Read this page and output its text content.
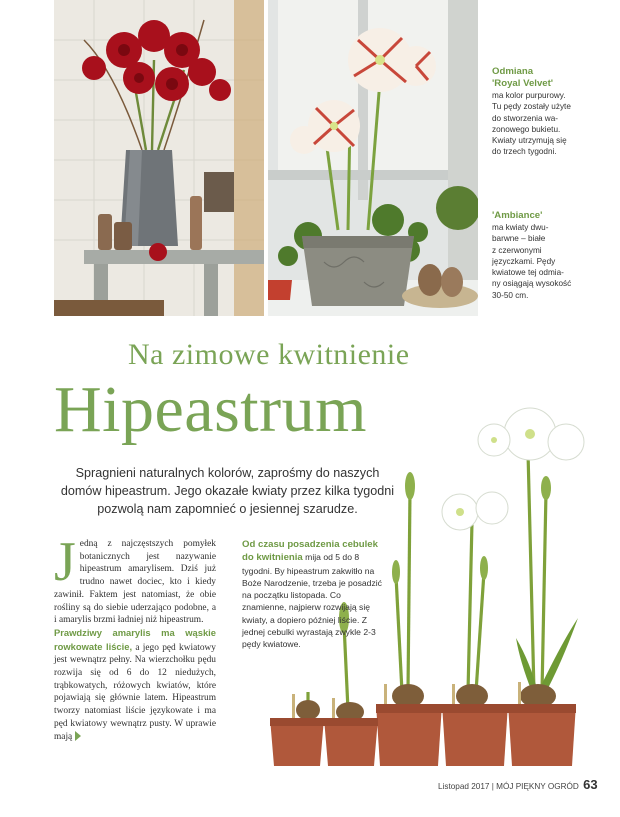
Odmiana
'Royal Velvet'
ma kolor purpurowy.
Tu pędy zostały użyte
do stworzenia wa-
zonowego bukietu.
Kwiaty utrzymują się
do trzech tygodni.
'Ambiance'
ma kwiaty dwu-
barwne – białe
z czerwonymi
języczkami. Pędy
kwiatowe tej odmia-
ny osiągają wysokość
30-50 cm.
Na zimowe kwitnienie
Hipeastrum
Spragnieni naturalnych kolorów, zaprośmy do naszych domów hipeastrum. Jego okazałe kwiaty przez kilka tygodni pozwolą nam zapomnieć o jesiennej szarudze.

Jedną z najczęstszych pomyłek botanicznych jest nazywanie hipeastrum amarylisem. Dziś już trudno nawet dociec, kto i kiedy zawinił. Faktem jest natomiast, że obie rośliny są do siebie uderzająco podobne, a i amarylis brzmi ładniej niż hipeastrum.

Prawdziwy amarylis ma wąskie rowkowate liście, a jego pęd kwiatowy jest wewnątrz pełny. Na wierzchołku pędu rozwija się od 6 do 12 niedużych, trąbkowatych, różowych kwiatów, które pojawiają się głównie latem. Hipeastrum tworzy natomiast liście językowate i ma pęd kwiatowy wewnątrz pusty. W uprawie mają

Od czasu posadzenia cebulek do kwitnienia mija od 5 do 8 tygodni. By hipeastrum zakwitło na Boże Narodzenie, trzeba je posadzić na początku listopada. Co znamienne, najpierw rozwijają się kwiaty, a dopiero później liście. Z jednej cebulki wyrastają zwykle 2-3 pędy kwiatowe.
Listopad 2017 | MÓJ PIĘKNY OGRÓD 63
